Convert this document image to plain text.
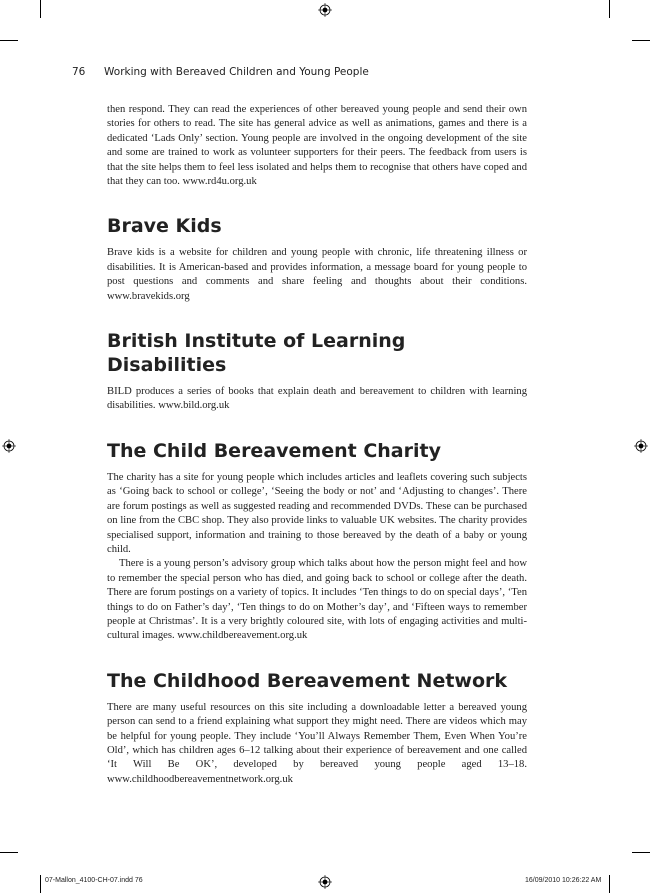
76 Working with Bereaved Children and Young People

then respond. They can read the experiences of other bereaved young people and send their own stories for others to read. The site has general advice as well as animations, games and there is a dedicated ‘Lads Only’ section. Young people are involved in the ongoing development of the site and some are trained to work as volunteer supporters for their peers. The feedback from users is that the site helps them to feel less isolated and helps them to recognise that others have coped and that they can too. www.rd4u.org.uk

Brave Kids

Brave kids is a website for children and young people with chronic, life threatening illness or disabilities. It is American-based and provides information, a message board for young people to post questions and comments and share feeling and thoughts about their conditions. www.bravekids.org

British Institute of Learning Disabilities

BILD produces a series of books that explain death and bereavement to children with learning disabilities. www.bild.org.uk

The Child Bereavement Charity

The charity has a site for young people which includes articles and leaflets covering such subjects as ‘Going back to school or college’, ‘Seeing the body or not’ and ‘Adjusting to changes’. There are forum postings as well as suggested reading and recommended DVDs. These can be purchased on line from the CBC shop. They also provide links to valuable UK websites. The charity provides specialised support, information and training to those bereaved by the death of a baby or young child.

There is a young person’s advisory group which talks about how the person might feel and how to remember the special person who has died, and going back to school or college after the death. There are forum postings on a variety of topics. It includes ‘Ten things to do on special days’, ‘Ten things to do on Father’s day’, ‘Ten things to do on Mother’s day’, and ‘Fifteen ways to remember people at Christmas’. It is a very brightly coloured site, with lots of engaging activities and multi-cultural images. www.childbereavement.org.uk

The Childhood Bereavement Network

There are many useful resources on this site including a downloadable letter a bereaved young person can send to a friend explaining what support they might need. There are videos which may be helpful for young people. They include ‘You’ll Always Remember Them, Even When You’re Old’, which has children ages 6–12 talking about their experience of bereavement and one called ‘It Will Be OK’, developed by bereaved young people aged 13–18. www.childhoodbereavementnetwork.org.uk

07-Mallon_4100-CH-07.indd 76	16/09/2010 10:26:22 AM
